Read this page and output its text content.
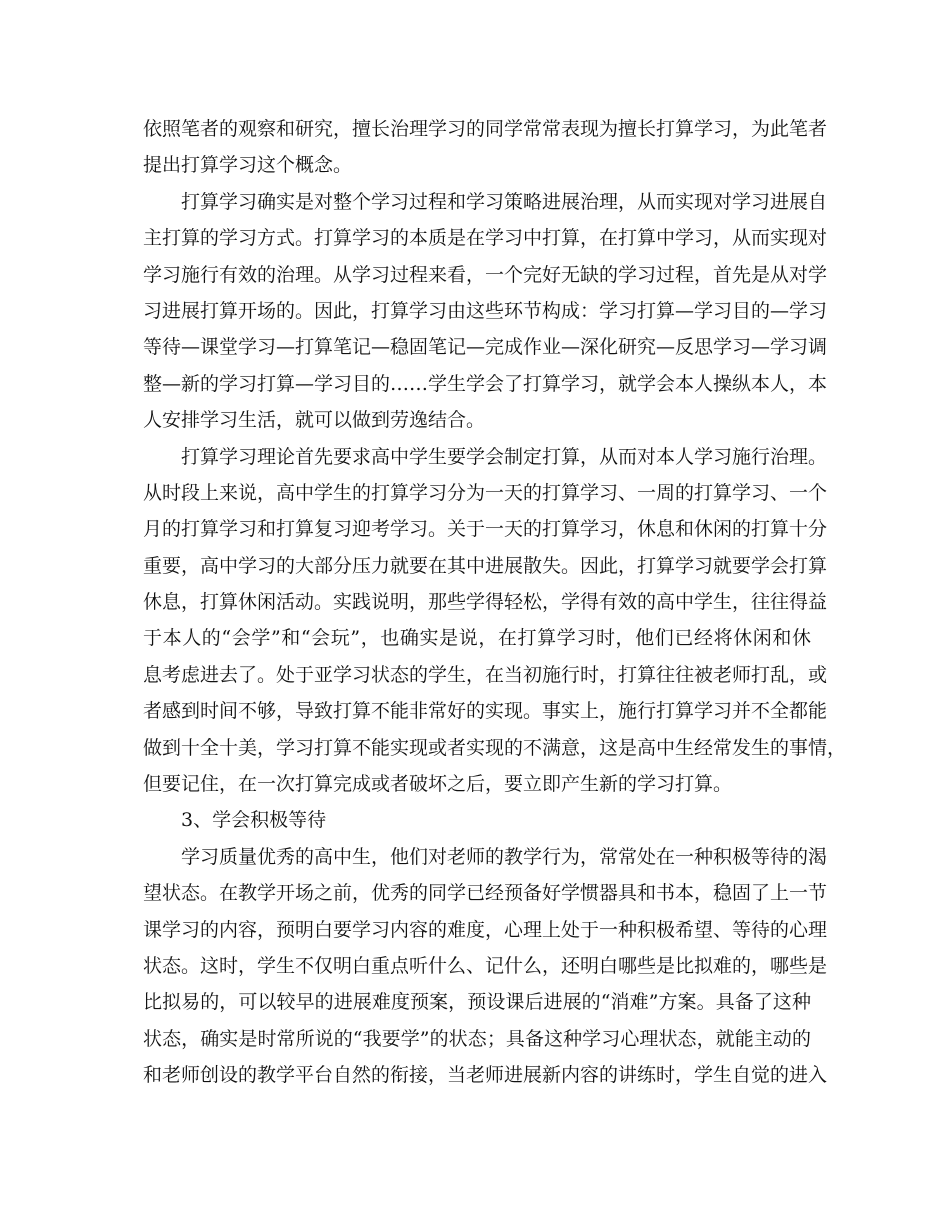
依照笔者的观察和研究，擅长治理学习的同学常常表现为擅长打算学习，为此笔者
提出打算学习这个概念。
打算学习确实是对整个学习过程和学习策略进展治理，从而实现对学习进展自
主打算的学习方式。打算学习的本质是在学习中打算，在打算中学习，从而实现对
学习施行有效的治理。从学习过程来看，一个完好无缺的学习过程，首先是从对学
习进展打算开场的。因此，打算学习由这些环节构成：学习打算—学习目的—学习
等待—课堂学习—打算笔记—稳固笔记—完成作业—深化研究—反思学习—学习调
整—新的学习打算—学习目的……学生学会了打算学习，就学会本人操纵本人，本
人安排学习生活，就可以做到劳逸结合。
打算学习理论首先要求高中学生要学会制定打算，从而对本人学习施行治理。
从时段上来说，高中学生的打算学习分为一天的打算学习、一周的打算学习、一个
月的打算学习和打算复习迎考学习。关于一天的打算学习，休息和休闲的打算十分
重要，高中学习的大部分压力就要在其中进展散失。因此，打算学习就要学会打算
休息，打算休闲活动。实践说明，那些学得轻松，学得有效的高中学生，往往得益
于本人的“会学”和“会玩”，也确实是说，在打算学习时，他们已经将休闲和休
息考虑进去了。处于亚学习状态的学生，在当初施行时，打算往往被老师打乱，或
者感到时间不够，导致打算不能非常好的实现。事实上，施行打算学习并不全都能
做到十全十美，学习打算不能实现或者实现的不满意，这是高中生经常发生的事情，
但要记住，在一次打算完成或者破坏之后，要立即产生新的学习打算。
3、学会积极等待
学习质量优秀的高中生，他们对老师的教学行为，常常处在一种积极等待的渴
望状态。在教学开场之前，优秀的同学已经预备好学惯器具和书本，稳固了上一节
课学习的内容，预明白要学习内容的难度，心理上处于一种积极希望、等待的心理
状态。这时，学生不仅明白重点听什么、记什么，还明白哪些是比拟难的，哪些是
比拟易的，可以较早的进展难度预案，预设课后进展的“消难”方案。具备了这种
状态，确实是时常所说的“我要学”的状态；具备这种学习心理状态，就能主动的
和老师创设的教学平台自然的衔接，当老师进展新内容的讲练时，学生自觉的进入
